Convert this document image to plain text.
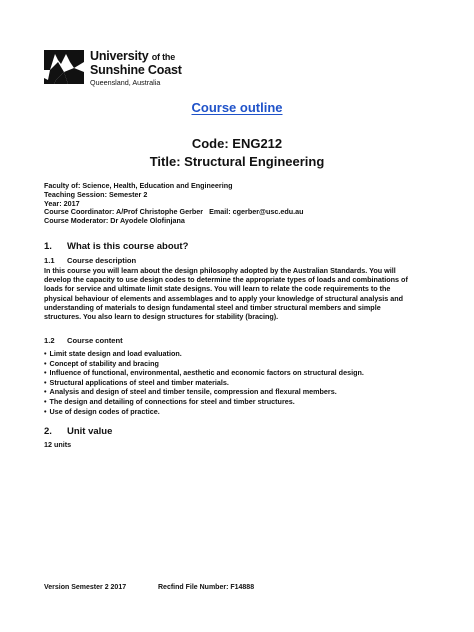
University of the
Sunshine Coast
Queensland, Australia
Course outline
Code: ENG212
Title: Structural Engineering
Faculty of: Science, Health, Education and Engineering
Teaching Session: Semester 2
Year: 2017
Course Coordinator: A/Prof Christophe Gerber Email: cgerber@usc.edu.au
Course Moderator: Dr Ayodele Olofinjana
1.	What is this course about?
1.1	Course description
In this course you will learn about the design philosophy adopted by the Australian Standards. You will
develop the capacity to use design codes to determine the appropriate types of loads and combinations of
loads for service and ultimate limit state designs. You will learn to relate the code requirements to the
physical behaviour of elements and assemblages and to apply your knowledge of structural analysis and
understanding of materials to design fundamental steel and timber structural members and simple
structures. You also learn to design structures for stability (bracing).
1.2	Course content
• Limit state design and load evaluation.
• Concept of stability and bracing
• Influence of functional, environmental, aesthetic and economic factors on structural design.
• Structural applications of steel and timber materials.
• Analysis and design of steel and timber tensile, compression and flexural members.
• The design and detailing of connections for steel and timber structures.
• Use of design codes of practice.
2.	Unit value
12 units
Version Semester 2 2017	Recfind File Number: F14888
